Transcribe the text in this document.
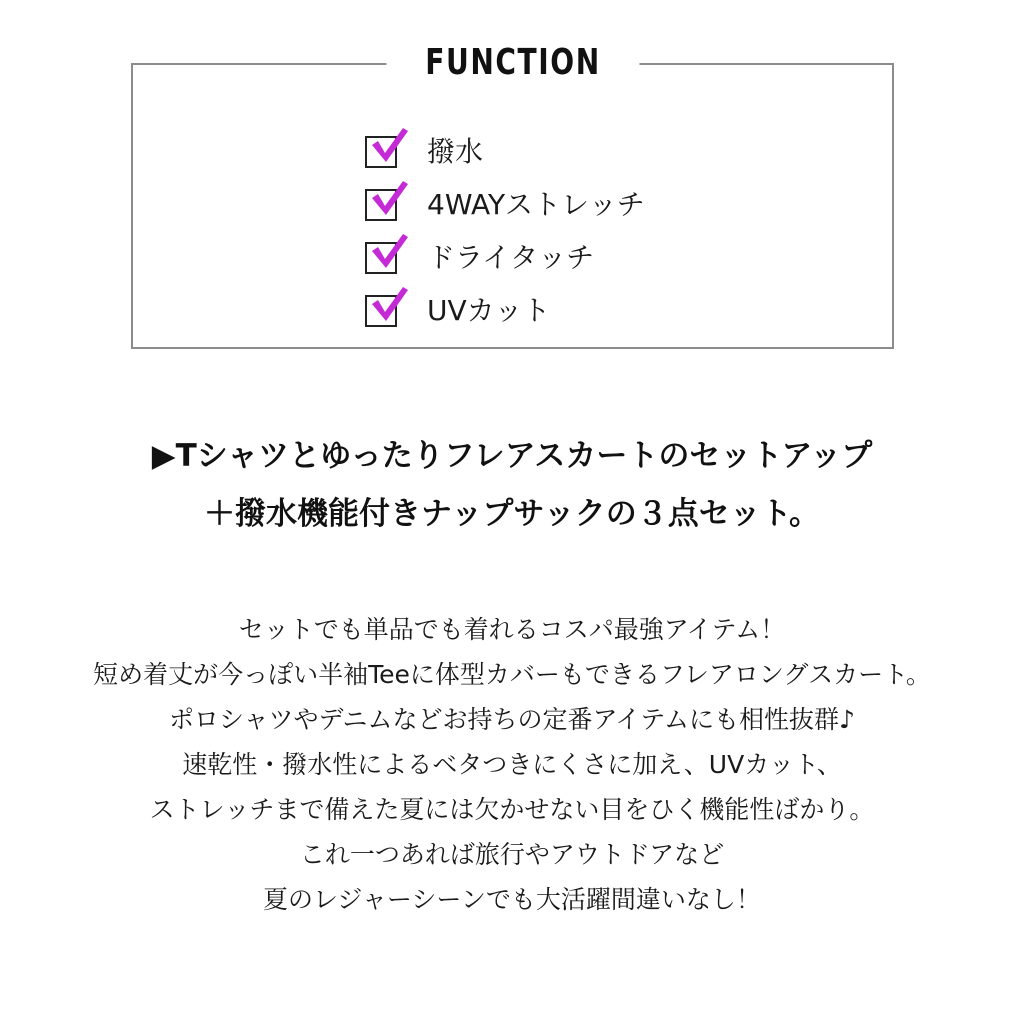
FUNCTION
撥水
4WAYストレッチ
ドライタッチ
UVカット
▶︎Tシャツとゆったりフレアスカートのセットアップ
＋撥水機能付きナップサックの３点セット。
セットでも単品でも着れるコスパ最強アイテム！
短め着丈が今っぽい半袖Teeに体型カバーもできるフレアロングスカート。
ポロシャツやデニムなどお持ちの定番アイテムにも相性抜群♪
速乾性・撥水性によるベタつきにくさに加え、UVカット、
ストレッチまで備えた夏には欠かせない目をひく機能性ばかり。
これ一つあれば旅行やアウトドアなど
夏のレジャーシーンでも大活躍間違いなし！
